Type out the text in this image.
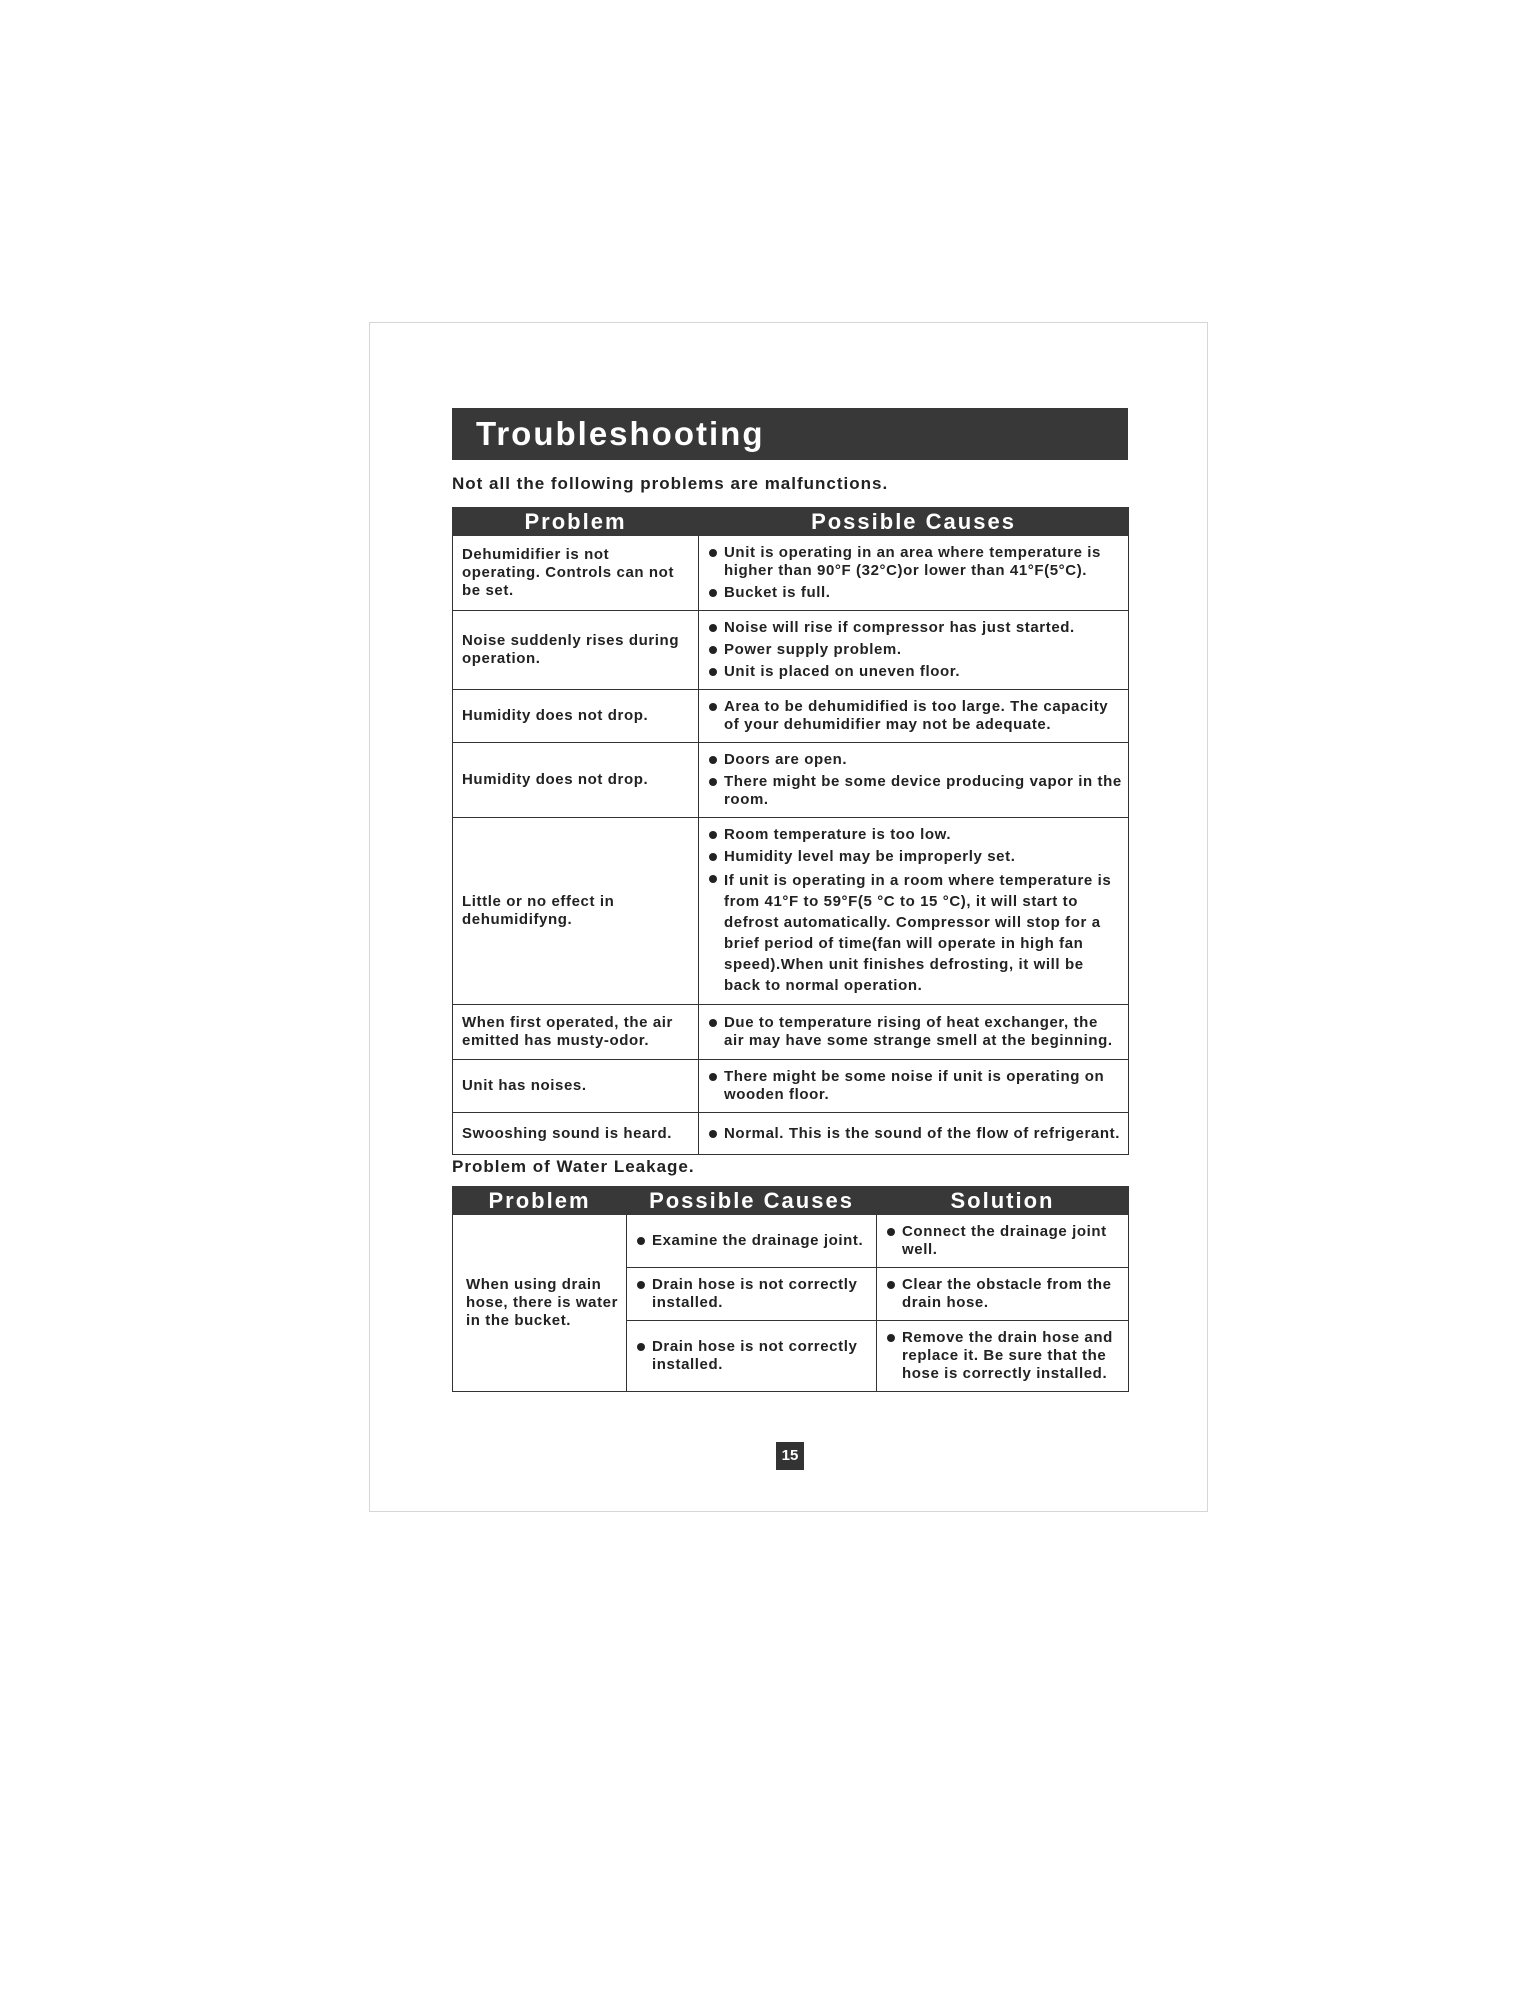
Troubleshooting
Not all the following problems are malfunctions.
Problem	Possible Causes
Dehumidifier is not operating. Controls can not be set.	Unit is operating in an area where temperature is higher than 90°F (32°C)or lower than 41°F(5°C).
Bucket is full.

Noise suddenly rises during operation.	Noise will rise if compressor has just started.
Power supply problem.
Unit is placed on uneven floor.

Humidity does not drop.	Area to be dehumidified is too large. The capacity of your dehumidifier may not be adequate.

Humidity does not drop.	Doors are open.
There might be some device producing vapor in the room.

Little or no effect in dehumidifyng.	Room temperature is too low.
Humidity level may be improperly set.
If unit is operating in a room where temperature is from 41°F to 59°F(5 °C to 15 °C), it will start to defrost automatically. Compressor will stop for a brief period of time(fan will operate in high fan speed).When unit finishes defrosting, it will be back to normal operation.

When first operated, the air emitted has musty-odor.	Due to temperature rising of heat exchanger, the air may have some strange smell at the beginning.

Unit has noises.	There might be some noise if unit is operating on wooden floor.

Swooshing sound is heard.	Normal. This is the sound of the flow of refrigerant.
Problem of Water Leakage.
Problem	Possible Causes	Solution
When using drain hose, there is water in the bucket.	Examine the drainage joint.	Connect the drainage joint well.

	Drain hose is not correctly installed.	Clear the obstacle from the drain hose.

	Drain hose is not correctly installed.	Remove the drain hose and replace it. Be sure that the hose is correctly installed.
15
